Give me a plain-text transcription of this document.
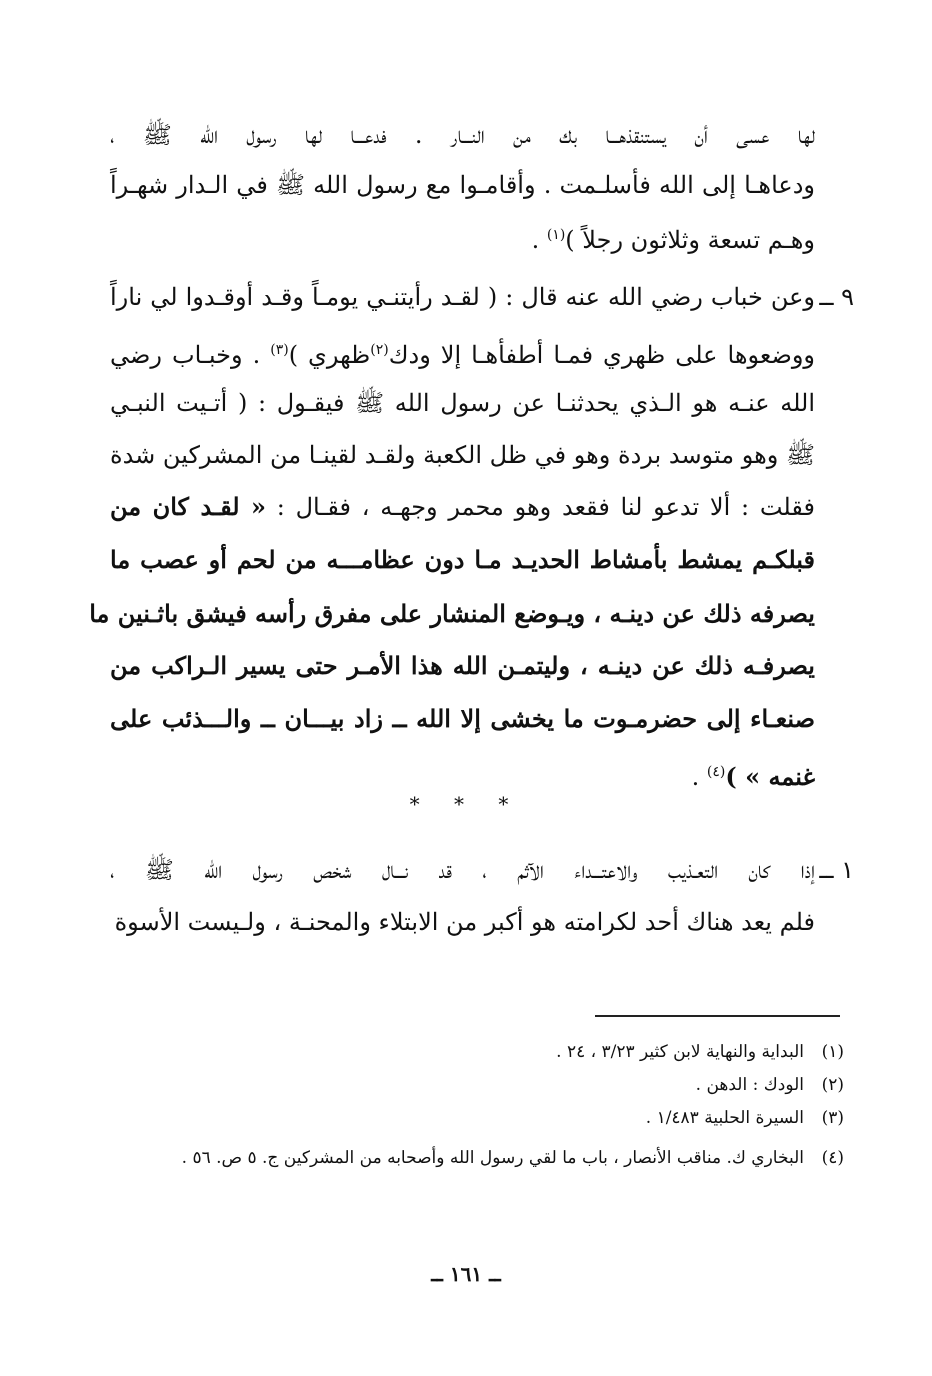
لها عسى أن يستنقذهـــا بك من النـــار . فدعـــا لها رسول الله ﷺ ،
ودعاهـا إلى الله فأسلـمت . وأقامـوا مع رسول الله ﷺ في الـدار شهـراً
وهـم تسعة وثلاثون رجلاً )$^{(١)}$ .
وعن خباب رضي الله عنه قال : ( لقـد رأيتنـي يومـاً وقـد أوقـدوا لي ناراً
ووضعوها على ظهري فمـا أطفأهـا إلا ودك$^{(٢)}$ظهري )$^{(٣)}$ . وخبـاب رضي
الله عنـه هو الـذي يحدثنـا عن رسول الله ﷺ فيقـول : ( أتـيت النبـي
ﷺ وهو متوسد بردة وهو في ظل الكعبة ولقـد لقينـا من المشركين شدة
فقلت : ألا تدعو لنا فقعد وهو محمر وجهـه ، فقـال : « لقـد كان من
قبلكـم يمشط بأمشاط الحديـد مـا دون عظامـــه من لحم أو عصب ما
يصرفه ذلك عن دينـه ، ويـوضع المنشار على مفرق رأسه فيشق باثـنين ما
يصرفـه ذلك عن دينـه ، وليتمـن الله هذا الأمـر حتى يسير الـراكب من
صنعـاء إلى حضرمـوت ما يخشى إلا الله ــ زاد بيـــان ــ والـــذئب على
غنمه » )$^{(٤)}$ .
إذا كان التعـذيب والاعتـــداء الآثم ، قد نـــال شخص رسول الله ﷺ ،
فلم يعد هناك أحد لكرامته هو أكبر من الابتلاء والمحنـة ، ولـيست الأسوة
(١)البداية والنهاية لابن كثير ٣/٢٣ ، ٢٤ .
(٢)الودك : الدهن .
(٣)السيرة الحلبية ١/٤٨٣ .
(٤)البخاري ك. مناقب الأنصار ، باب ما لقي رسول الله وأصحابه من المشركين ج. ٥ ص. ٥٦ .
٩ ــ
* * *
١ ــ
ــ ١٦١ ــ
